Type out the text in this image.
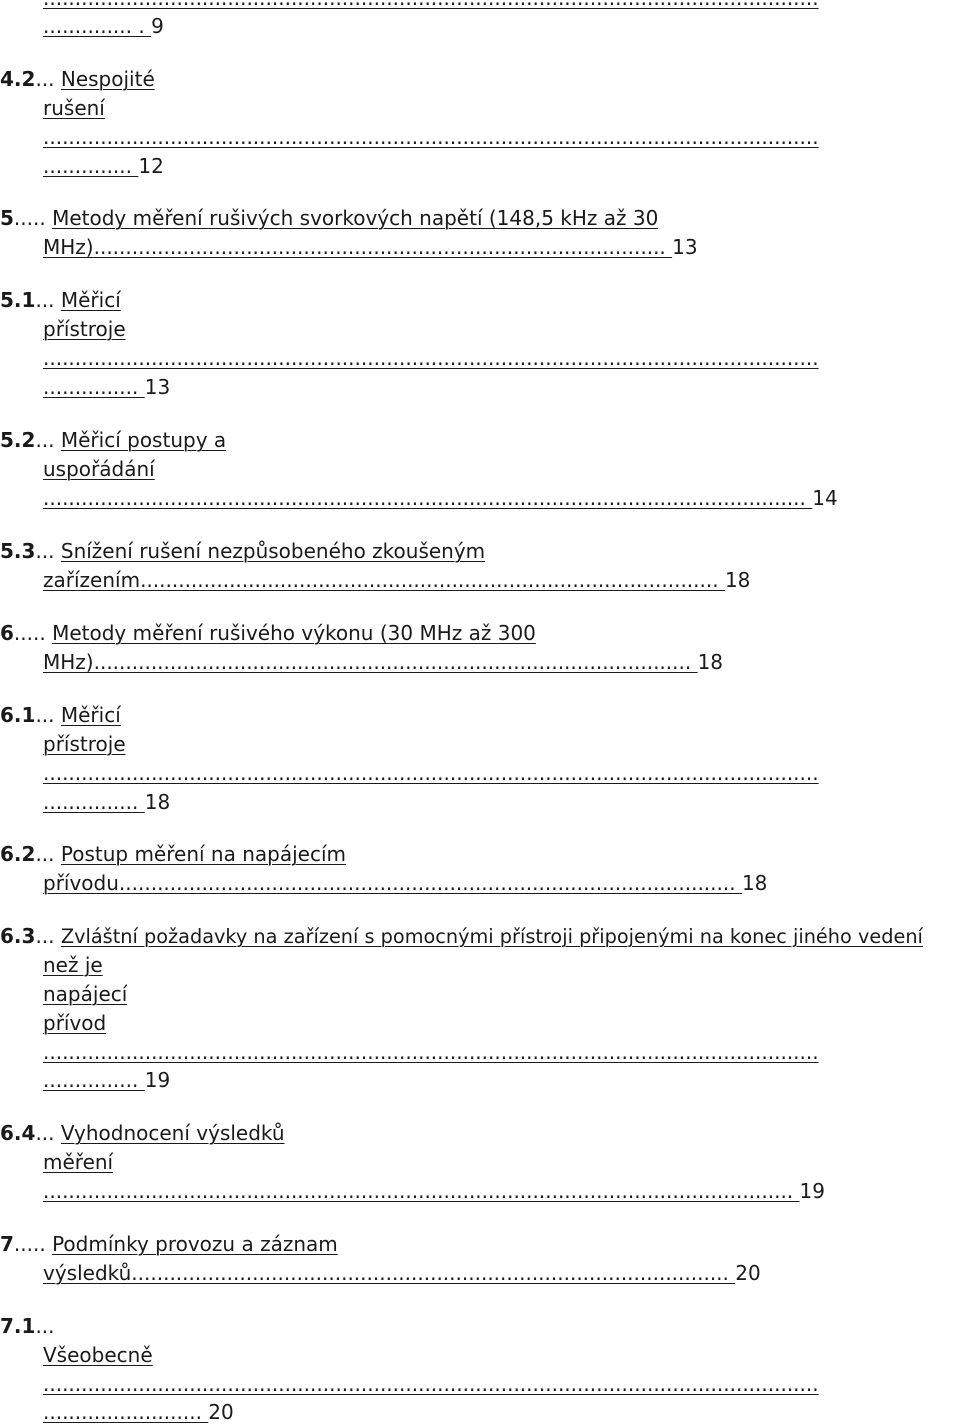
.............. . 9
4.2... Nespojité
rušení
..........................................................................................................................
.............. 12
5..... Metody měření rušivých svorkových napětí (148,5 kHz až 30
MHz).......................................................................................... 13
5.1... Měřicí
přístroje
..........................................................................................................................
............... 13
5.2... Měřicí postupy a
uspořádání
........................................................................................................................ 14
5.3... Snížení rušení nezpůsobeného zkoušeným
zařízením........................................................................................... 18
6..... Metody měření rušivého výkonu (30 MHz až 300
MHz).............................................................................................. 18
6.1... Měřicí
přístroje
..........................................................................................................................
............... 18
6.2... Postup měření na napájecím
přívodu................................................................................................. 18
6.3... Zvláštní požadavky na zařízení s pomocnými přístroji připojenými na konec jiného vedení
než je
napájecí
přívod
..........................................................................................................................
............... 19
6.4... Vyhodnocení výsledků
měření
...................................................................................................................... 19
7..... Podmínky provozu a záznam
výsledků.............................................................................................. 20
7.1...
Všeobecně
..........................................................................................................................
......................... 20
